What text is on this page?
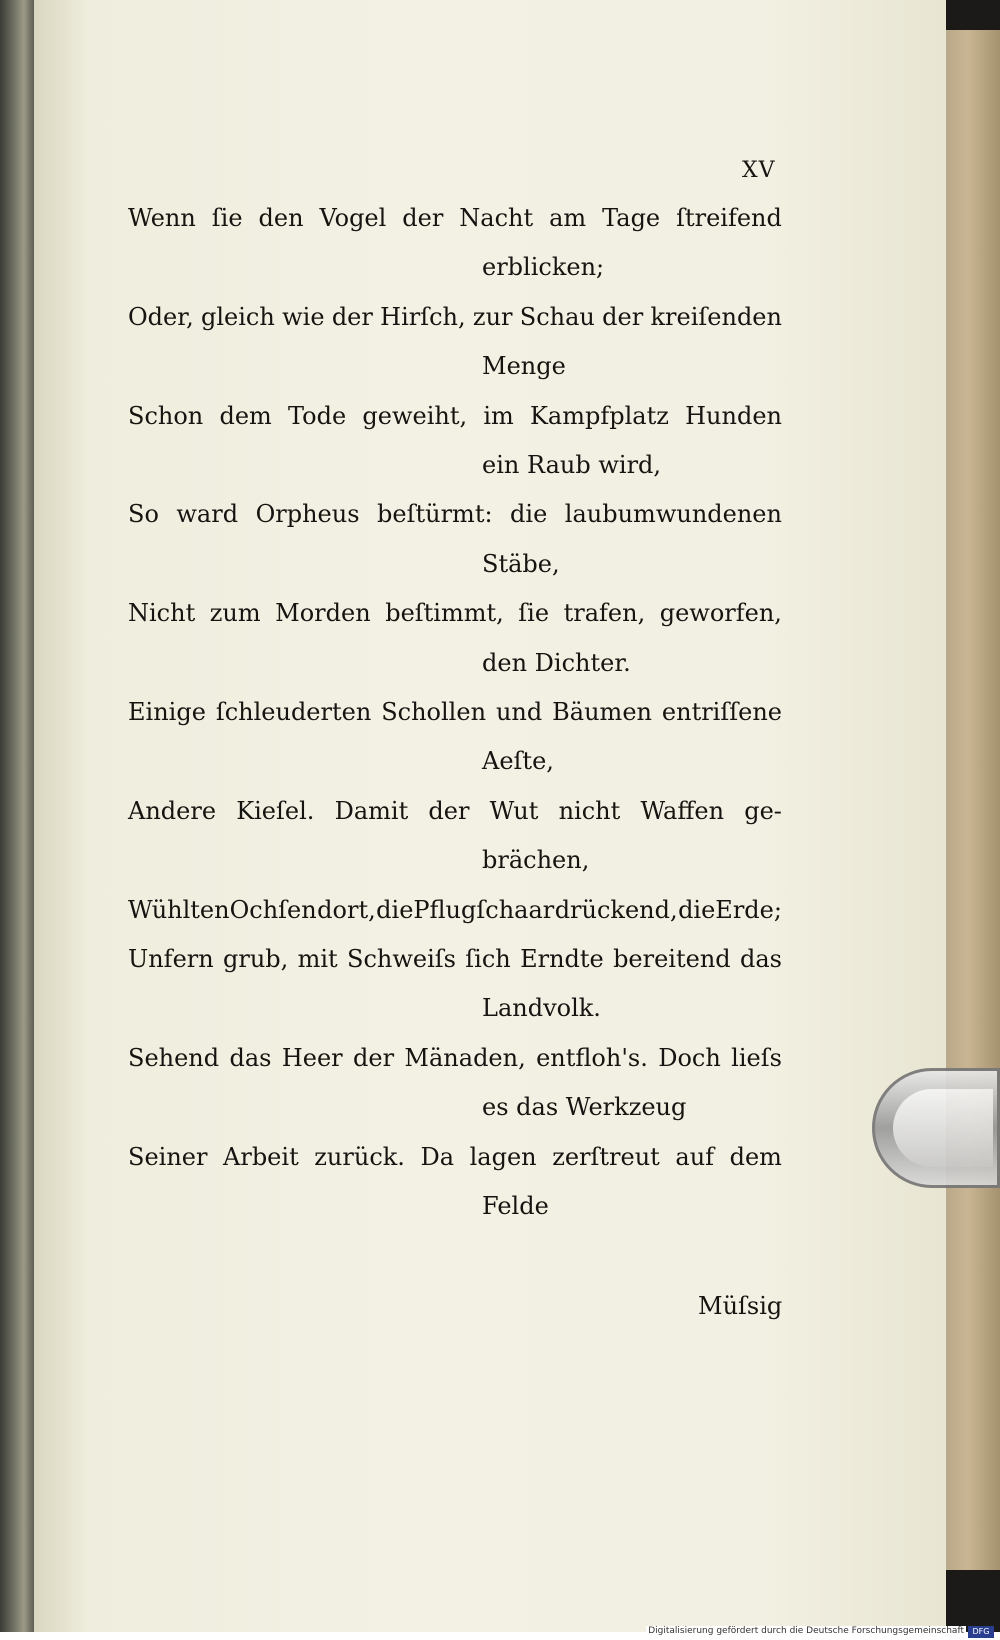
XV
Wenn ſie den Vogel der Nacht am Tage ſtreifend
erblicken;
Oder, gleich wie der Hirſch, zur Schau der kreiſenden
Menge
Schon dem Tode geweiht, im Kampfplatz Hunden
ein Raub wird,
So ward Orpheus beſtürmt: die laubumwundenen
Stäbe,
Nicht zum Morden beſtimmt, ſie trafen, geworfen,
den Dichter.
Einige ſchleuderten Schollen und Bäumen entriſſene
Aeſte,
Andere Kieſel. Damit der Wut nicht Waffen ge-
brächen,
WühltenOchſen dort, diePflugſchaar drückend, dieErde;
Unfern grub, mit Schweiſs ſich Erndte bereitend das
Landvolk.
Sehend das Heer der Mänaden, entfloh's. Doch lieſs
es das Werkzeug
Seiner Arbeit zurück. Da lagen zerſtreut auf dem
Felde
Müſsig
Digitalisierung gefördert durch die Deutsche Forschungsgemeinschaft	DFG
